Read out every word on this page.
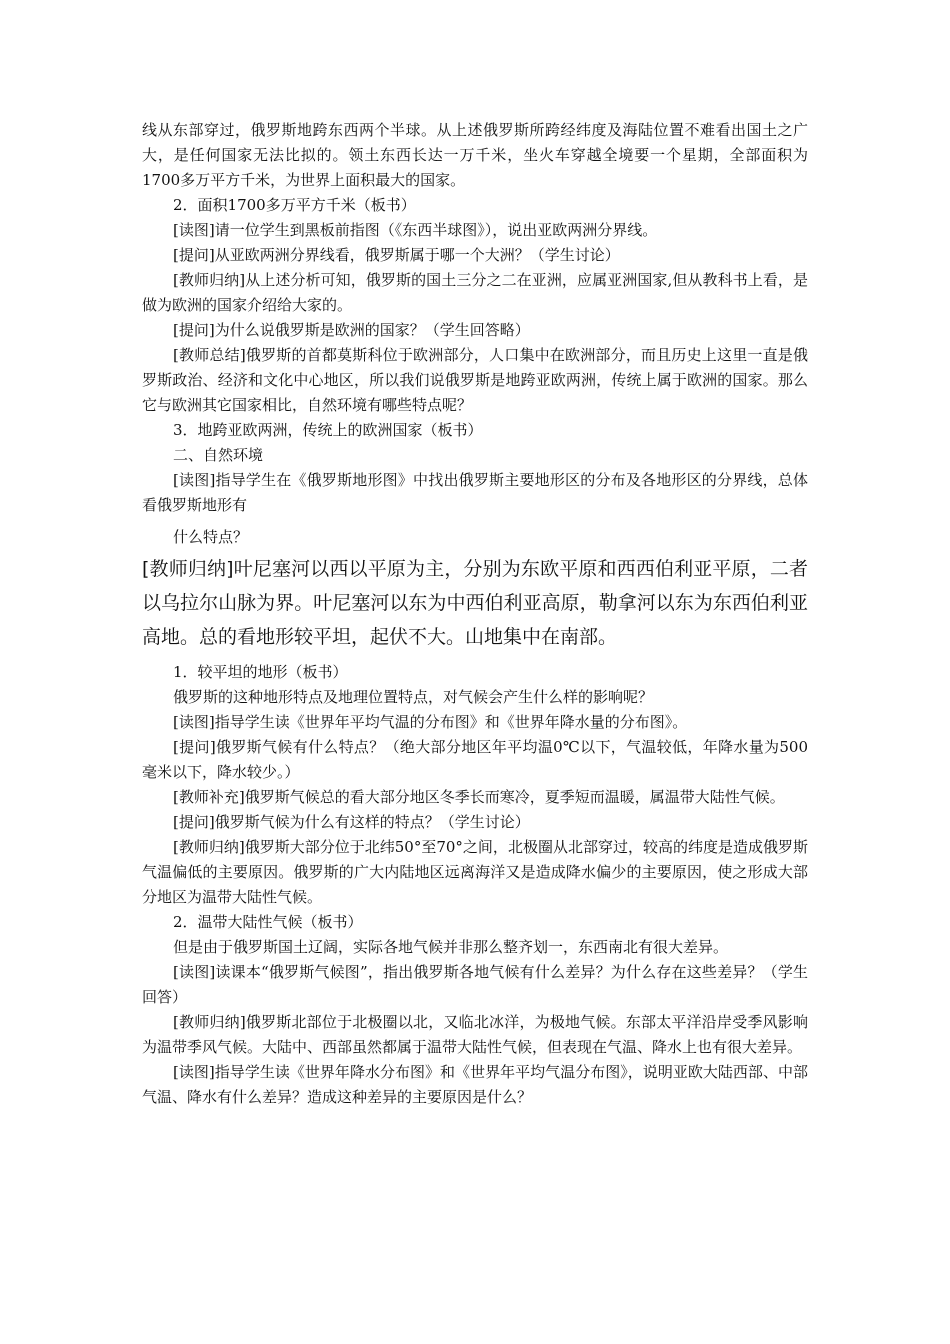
线从东部穿过，俄罗斯地跨东西两个半球。从上述俄罗斯所跨经纬度及海陆位置不难看出国土之广大，是任何国家无法比拟的。领土东西长达一万千米，坐火车穿越全境要一个星期，全部面积为1700多万平方千米，为世界上面积最大的国家。

2．面积1700多万平方千米（板书）

[读图]请一位学生到黑板前指图（《东西半球图》），说出亚欧两洲分界线。

[提问]从亚欧两洲分界线看，俄罗斯属于哪一个大洲？（学生讨论）

[教师归纳]从上述分析可知，俄罗斯的国土三分之二在亚洲，应属亚洲国家,但从教科书上看，是做为欧洲的国家介绍给大家的。

[提问]为什么说俄罗斯是欧洲的国家？（学生回答略）

[教师总结]俄罗斯的首都莫斯科位于欧洲部分，人口集中在欧洲部分，而且历史上这里一直是俄罗斯政治、经济和文化中心地区，所以我们说俄罗斯是地跨亚欧两洲，传统上属于欧洲的国家。那么它与欧洲其它国家相比，自然环境有哪些特点呢？

3．地跨亚欧两洲，传统上的欧洲国家（板书）

二、自然环境

[读图]指导学生在《俄罗斯地形图》中找出俄罗斯主要地形区的分布及各地形区的分界线，总体看俄罗斯地形有

什么特点？

[教师归纳]叶尼塞河以西以平原为主，分别为东欧平原和西西伯利亚平原，二者以乌拉尔山脉为界。叶尼塞河以东为中西伯利亚高原，勒拿河以东为东西伯利亚高地。总的看地形较平坦，起伏不大。山地集中在南部。

1．较平坦的地形（板书）

俄罗斯的这种地形特点及地理位置特点，对气候会产生什么样的影响呢？

[读图]指导学生读《世界年平均气温的分布图》和《世界年降水量的分布图》。

[提问]俄罗斯气候有什么特点？（绝大部分地区年平均温0℃以下，气温较低，年降水量为500毫米以下，降水较少。）

[教师补充]俄罗斯气候总的看大部分地区冬季长而寒冷，夏季短而温暖，属温带大陆性气候。

[提问]俄罗斯气候为什么有这样的特点？（学生讨论）

[教师归纳]俄罗斯大部分位于北纬50°至70°之间，北极圈从北部穿过，较高的纬度是造成俄罗斯气温偏低的主要原因。俄罗斯的广大内陆地区远离海洋又是造成降水偏少的主要原因，使之形成大部分地区为温带大陆性气候。

2．温带大陆性气候（板书）

但是由于俄罗斯国土辽阔，实际各地气候并非那么整齐划一，东西南北有很大差异。

[读图]读课本“俄罗斯气候图”，指出俄罗斯各地气候有什么差异？为什么存在这些差异？（学生回答）

[教师归纳]俄罗斯北部位于北极圈以北，又临北冰洋，为极地气候。东部太平洋沿岸受季风影响为温带季风气候。大陆中、西部虽然都属于温带大陆性气候，但表现在气温、降水上也有很大差异。

[读图]指导学生读《世界年降水分布图》和《世界年平均气温分布图》，说明亚欧大陆西部、中部气温、降水有什么差异？造成这种差异的主要原因是什么？
